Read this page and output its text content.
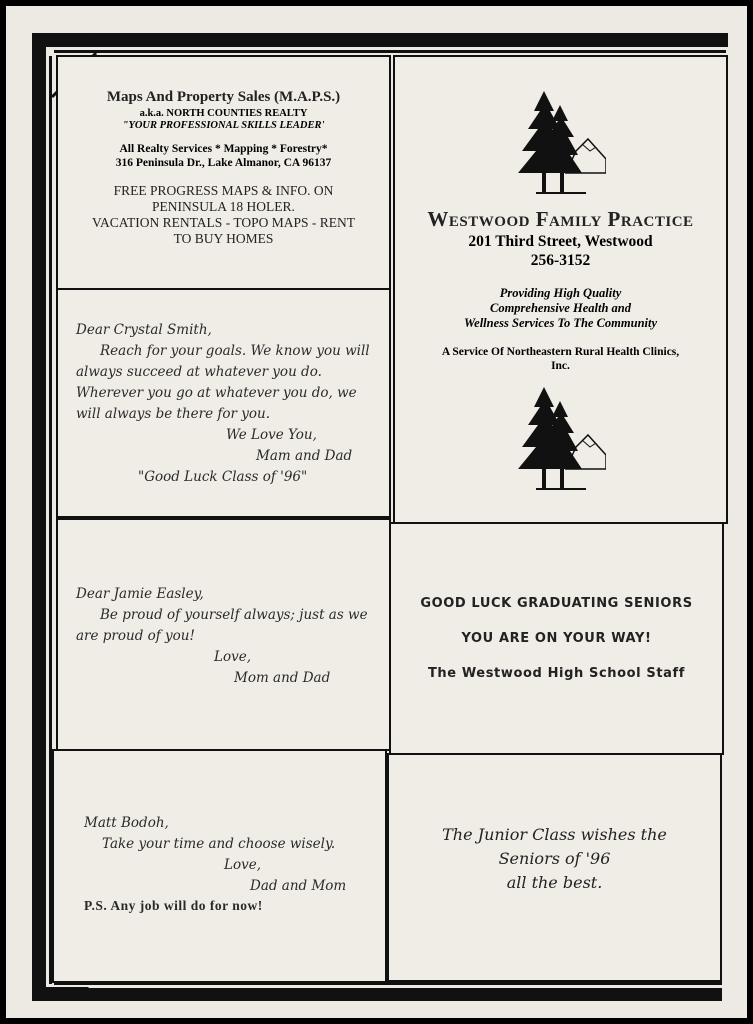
Maps And Property Sales (M.A.P.S.)
a.k.a. NORTH COUNTIES REALTY
"YOUR PROFESSIONAL SKILLS LEADER'
All Realty Services * Mapping * Forestry*
316 Peninsula Dr., Lake Almanor, CA 96137
FREE PROGRESS MAPS & INFO. ON
PENINSULA 18 HOLER.
VACATION RENTALS - TOPO MAPS - RENT
TO BUY HOMES
Westwood Family Practice
201 Third Street, Westwood
256-3152
Providing High Quality
Comprehensive Health and
Wellness Services To The Community
A Service Of Northeastern Rural Health Clinics,
Inc.
Dear Crystal Smith,
Reach for your goals. We know you will
always succeed at whatever you do.
Wherever you go at whatever you do, we
will always be there for you.
We Love You,
Mam and Dad
"Good Luck Class of '96"
Dear Jamie Easley,
Be proud of yourself always; just as we
are proud of you!
Love,
Mom and Dad
GOOD LUCK GRADUATING SENIORS
YOU ARE ON YOUR WAY!
The Westwood High School Staff
Matt Bodoh,
Take your time and choose wisely.
Love,
Dad and Mom
P.S. Any job will do for now!
The Junior Class wishes the
Seniors of '96
all the best.
